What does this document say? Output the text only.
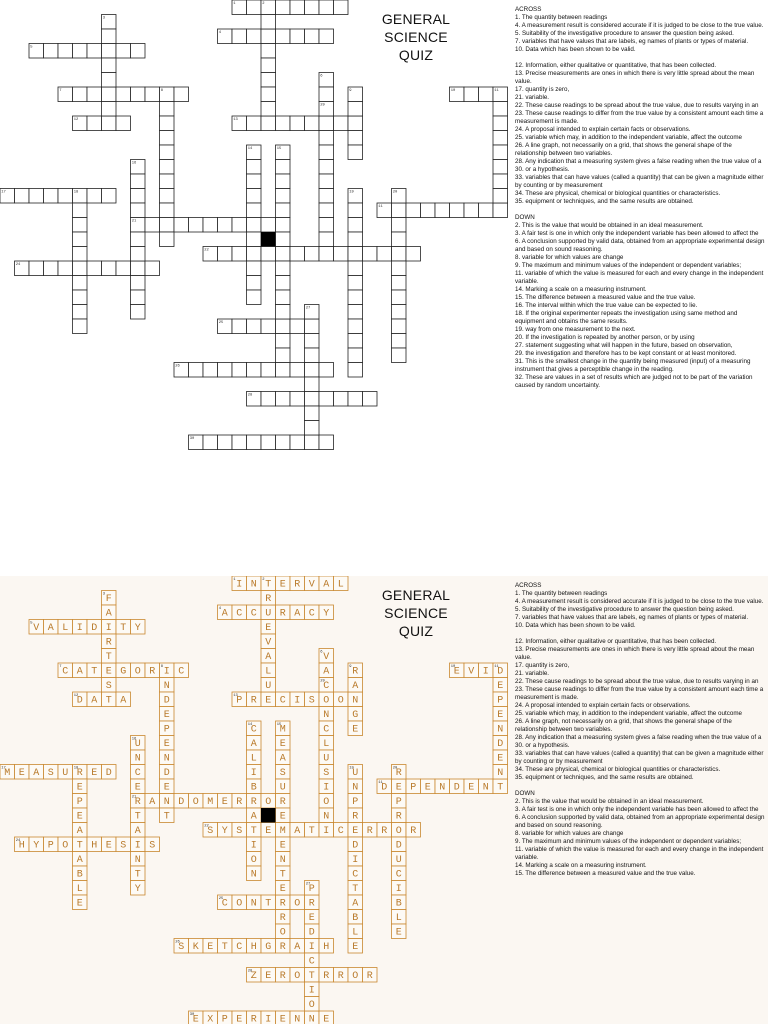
1	2
4
5
7	8	10	11
12	13
17	18
11
21
22
24
25
26
28
30
3
6
29
9
16
14	15
19	20
27
GENERAL
SCIENCE
QUIZ

ACROSS

1. The quantity between readings

4. A measurement result is considered accurate if it is judged to be close to the true value.

5. Suitability of the investigative procedure to answer the question being asked.

7. variables that have values that are labels, eg names of plants or types of material.

10. Data which has been shown to be valid.

12. Information, either qualitative or quantitative, that has been collected.

13. Precise measurements are ones in which there is very little spread about the mean value.

17. quantity is zero,

21. variable.

22. These cause readings to be spread about the true value, due to results varying in an

23. These cause readings to differ from the true value by a consistent amount each time a measurement is made.

24. A proposal intended to explain certain facts or observations.

25. variable which may, in addition to the independent variable, affect the outcome

26. A line graph, not necessarily on a grid, that shows the general shape of the relationship between two variables.

28. Any indication that a measuring system gives a false reading when the true value of a

30. or a hypothesis.

33. variables that can have values (called a quantity) that can be given a magnitude either by counting or by measurement

34. These are physical, chemical or biological quantities or characteristics.

35. equipment or techniques, and the same results are obtained.

DOWN

2. This is the value that would be obtained in an ideal measurement.

3. A fair test is one in which only the independent variable has been allowed to affect the

6. A conclusion supported by valid data, obtained from an appropriate experimental design and based on sound reasoning.

8. variable for which values are change

9. The maximum and minimum values of the independent or dependent variables;

11. variable of which the value is measured for each and every change in the independent variable.

14. Marking a scale on a measuring instrument.

15. The difference between a measured value and the true value.

16. The interval within which the true value can be expected to lie.

18. If the original experimenter repeats the investigation using same method and equipment and obtains the same results.

19. way from one measurement to the next.

20. If the investigation is repeated by another person, or by using

27. statement suggesting what will happen in the future, based on observation,

29. the investigation and therefore has to be kept constant or at least monitored.

31. This is the smallest change in the quantity being measured (input) of a measuring instrument that gives a perceptible change in the reading.

32. These are values in a set of results which are judged not to be part of the variation caused by random uncertainty.

1 I N 2 T E R V A L
4 A C C U R A C Y
5 V A L I D I T Y
7 C A T E G O R 8 I C	10
E V I 11
D
12
D A T A	13
P R E C I S O O N
17
M E A S U 18
R E D
11
D E P E N D E N T
21
R A N D O M E R R O R
22
S Y S T E M A T I C E R R O R
24
H Y P O T H E S I S
25
C O N T R O R
26
S K E T C H G R A I H
28
Z E R O T R R O R
30
E X P E R I E N N E
R
E
V
A
L
U
3 F
A
R
T
S
6 V
A
29
C
N
9 R
A
G
E
E
P
E
N
D
E
N
N
D
E
P
E
N
D
E
T
16
U
N
C
E
T
A
N
T
Y
E
P
E
A
A
B
L
E
14
C
A
L
I
B
A
I
O
N
15
M
E
A
S
U
E
E
N
T
E
R
O
19
U
N
P
R
D
I
C
T
A
B
L
E
20
R
P
R
D
U
C
I
B
L
E
27
P
E
D
C
I
O
C
L
U
S
I
O
N
GENERAL
SCIENCE
QUIZ

ACROSS

1. The quantity between readings

4. A measurement result is considered accurate if it is judged to be close to the true value.

5. Suitability of the investigative procedure to answer the question being asked.

7. variables that have values that are labels, eg names of plants or types of material.

10. Data which has been shown to be valid.

12. Information, either qualitative or quantitative, that has been collected.

13. Precise measurements are ones in which there is very little spread about the mean value.

17. quantity is zero,

21. variable.

22. These cause readings to be spread about the true value, due to results varying in an

23. These cause readings to differ from the true value by a consistent amount each time a measurement is made.

24. A proposal intended to explain certain facts or observations.

25. variable which may, in addition to the independent variable, affect the outcome

26. A line graph, not necessarily on a grid, that shows the general shape of the relationship between two variables.

28. Any indication that a measuring system gives a false reading when the true value of a

30. or a hypothesis.

33. variables that can have values (called a quantity) that can be given a magnitude either by counting or by measurement

34. These are physical, chemical or biological quantities or characteristics.

35. equipment or techniques, and the same results are obtained.

DOWN

2. This is the value that would be obtained in an ideal measurement.

3. A fair test is one in which only the independent variable has been allowed to affect the

6. A conclusion supported by valid data, obtained from an appropriate experimental design and based on sound reasoning.

8. variable for which values are change

9. The maximum and minimum values of the independent or dependent variables;

11. variable of which the value is measured for each and every change in the independent variable.

14. Marking a scale on a measuring instrument.

15. The difference between a measured value and the true value.
